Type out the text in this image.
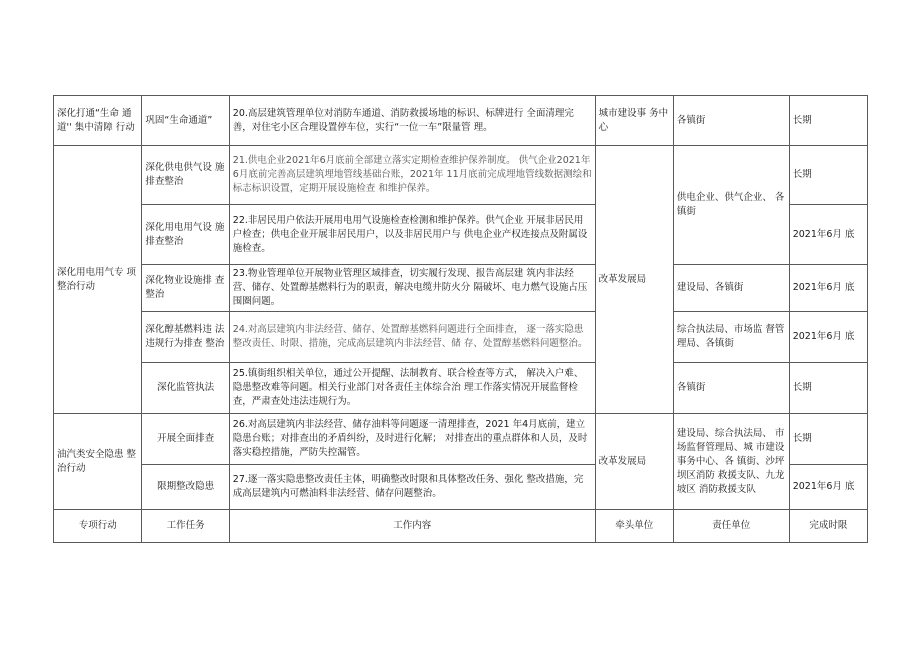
深化打通“生命 通道'' 集中清障 行动	巩固“生命通道”	20.高层建筑管理单位对消防车通道、消防救援场地的标识、标牌进行 全面清理完善，对住宅小区合理设置停车位，实行“一位一车”限量管 理。	城市建设事 务中心	各镇街	长期
深化用电用气专 项整治行动	深化供电供气设 施排查整治	21.供电企业2021年6月底前全部建立落实定期检查维护保养制度。 供气企业2021年6月底前完善高层建筑埋地管线基础台账，2021年 11月底前完成埋地管线数据测绘和标志标识设置，定期开展设施检查 和维护保养。	改革发展局	供电企业、供气企业、 各镇街	长期
	深化用电用气设 施排查整治	22.非居民用户依法开展用电用气设施检查检测和维护保养。供气企业 开展非居民用户检查；供电企业开展非居民用户，以及非居民用户与 供电企业产权连接点及附属设施检查。			2021年6月 底
	深化物业设施排 查整治	23.物业管理单位开展物业管理区域排查，切实履行发现、报告高层建 筑内非法经营、储存、处置醇基燃料行为的职责，解决电缆井防火分 隔破坏、电力燃气设施占压围圈问题。		建设局、各镇街	2021年6月 底
	深化醇基燃料违 法违规行为排查 整治	24.对高层建筑内非法经营、储存、处置醇基燃料问题进行全面排查， 逐一落实隐患整改责任、时限、措施，完成高层建筑内非法经营、储 存、处置醇基燃料问题整治。		综合执法局、市场监 督管理局、各镇街	2021年6月 底
	深化监管执法	25.镇街组织相关单位，通过公开提醒、法制教育、联合检查等方式， 解决入户难、隐患整改难等问题。相关行业部门对各责任主体综合治 理工作落实情况开展监督检查，严肃查处违法违规行为。		各镇街	长期
油汽类安全隐患 整治行动	开展全面排查	26.对高层建筑内非法经营、储存油料等问题逐一清理排查，2021 年4月底前，建立隐患台账；对排查出的矛盾纠纷，及时进行化解； 对排查出的重点群体和人员，及时落实稳控措施，严防失控漏管。	改革发展局	建设局、综合执法局、 市场监督管理局、城 市建设事务中心、各 镇街、沙坪坝区消防 救援支队、九龙坡区 消防救援支队	长期
	限期整改隐患	27.逐一落实隐患整改责任主体，明确整改时限和具体整改任务、强化 整改措施，完成高层建筑内可燃油料非法经营、储存问题整治。			2021年6月 底
专项行动	工作任务	工作内容	牵头单位	责任单位	完成时限
